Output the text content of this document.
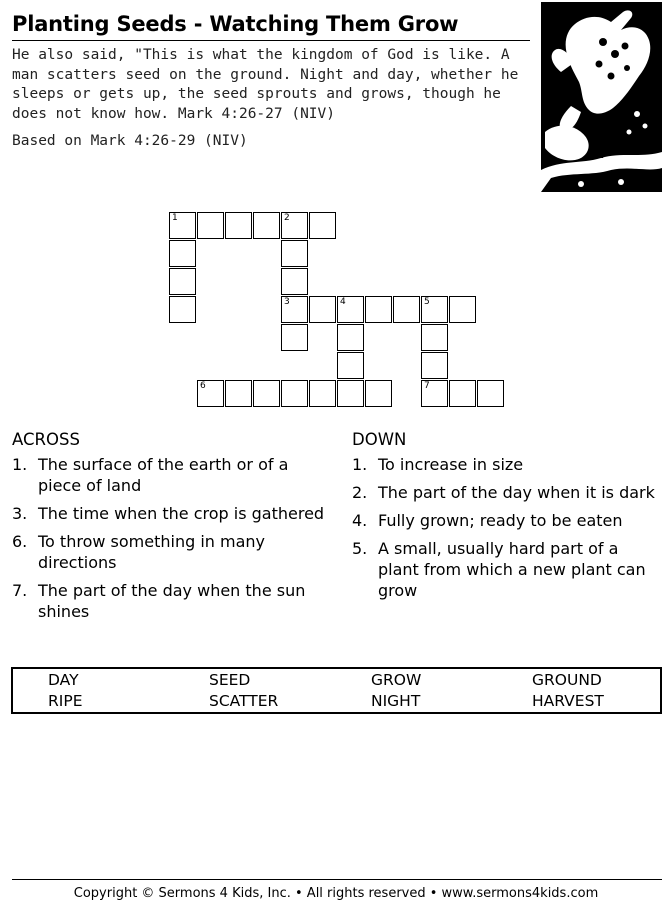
Planting Seeds - Watching Them Grow

He also said, "This is what the kingdom of God is like. A man scatters seed on the ground. Night and day, whether he sleeps or gets up, the seed sprouts and grows, though he does not know how. Mark 4:26-27 (NIV)

Based on Mark 4:26-29 (NIV)

1	2
3	4	5
6	7
ACROSS
1. The surface of the earth or of a piece of land
3. The time when the crop is gathered
6. To throw something in many directions
7. The part of the day when the sun shines
DOWN
1. To increase in size
2. The part of the day when it is dark
4. Fully grown; ready to be eaten
5. A small, usually hard part of a plant from which a new plant can grow
DAY	SEED	GROW	GROUND
RIPE	SCATTER	NIGHT	HARVEST

Copyright © Sermons 4 Kids, Inc. • All rights reserved • www.sermons4kids.com
